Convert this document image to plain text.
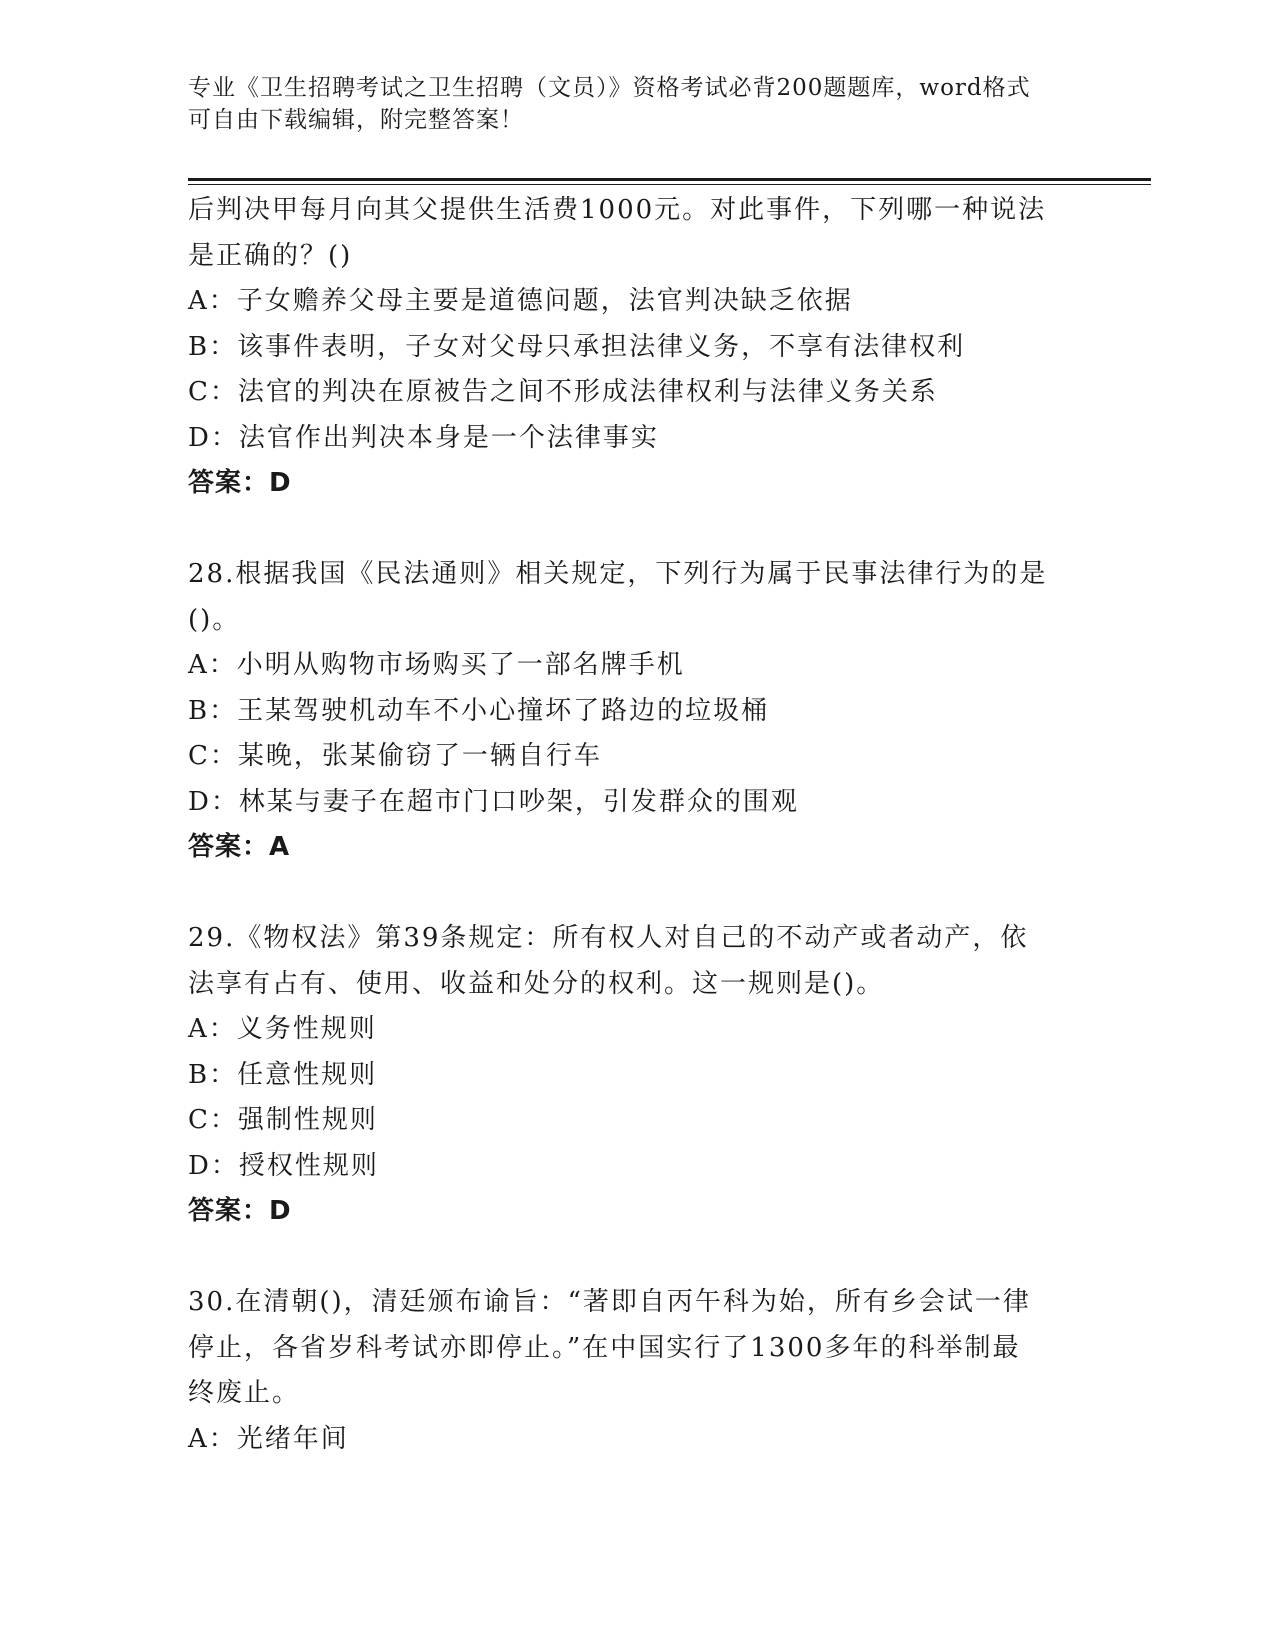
专业《卫生招聘考试之卫生招聘（文员）》资格考试必背200题题库，word格式
可自由下载编辑，附完整答案！
后判决甲每月向其父提供生活费1000元。对此事件，下列哪一种说法
是正确的？()
A：子女赡养父母主要是道德问题，法官判决缺乏依据
B：该事件表明，子女对父母只承担法律义务，不享有法律权利
C：法官的判决在原被告之间不形成法律权利与法律义务关系
D：法官作出判决本身是一个法律事实
答案：D
28.根据我国《民法通则》相关规定，下列行为属于民事法律行为的是
()。
A：小明从购物市场购买了一部名牌手机
B：王某驾驶机动车不小心撞坏了路边的垃圾桶
C：某晚，张某偷窃了一辆自行车
D：林某与妻子在超市门口吵架，引发群众的围观
答案：A
29.《物权法》第39条规定：所有权人对自己的不动产或者动产，依
法享有占有、使用、收益和处分的权利。这一规则是()。
A：义务性规则
B：任意性规则
C：强制性规则
D：授权性规则
答案：D
30.在清朝()，清廷颁布谕旨：“著即自丙午科为始，所有乡会试一律
停止，各省岁科考试亦即停止。”在中国实行了1300多年的科举制最
终废止。
A：光绪年间
